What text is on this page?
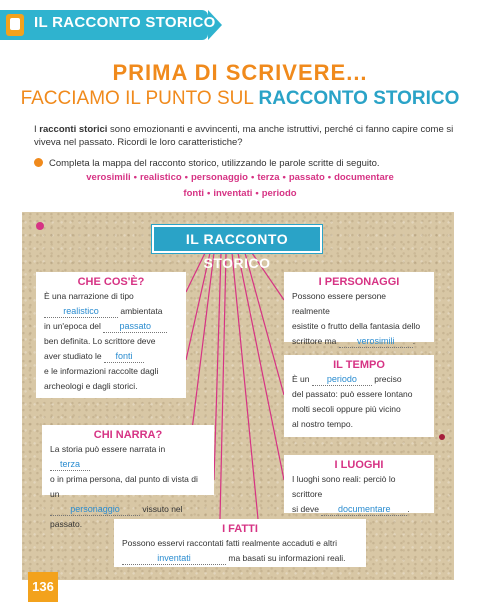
IL RACCONTO STORICO
PRIMA DI SCRIVERE...
FACCIAMO IL PUNTO SUL RACCONTO STORICO
I racconti storici sono emozionanti e avvincenti, ma anche istruttivi, perché ci fanno capire come si viveva nel passato. Ricordi le loro caratteristiche?
Completa la mappa del racconto storico, utilizzando le parole scritte di seguito.
verosimili • realistico • personaggio • terza • passato • documentare
fonti • inventati • periodo
IL RACCONTO STORICO
CHE COS'È?
È una narrazione di tipo
realistico	ambientata
in un'epoca del passato
ben definita. Lo scrittore deve
aver studiato le fonti
e le informazioni raccolte dagli
archeologi e dagli storici.
I PERSONAGGI
Possono essere persone realmente
esistite o frutto della fantasia dello
scrittore ma verosimili .
IL TEMPO
È un periodo preciso
del passato: può essere lontano
molti secoli oppure più vicino
al nostro tempo.
CHI NARRA?
La storia può essere narrata in terza
o in prima persona, dal punto di vista di un
personaggio	vissuto nel passato.
I LUOGHI
I luoghi sono reali: perciò lo scrittore
si deve documentare .
I FATTI
Possono esservi raccontati fatti realmente accaduti e altri
inventati	ma basati su informazioni reali.
136
